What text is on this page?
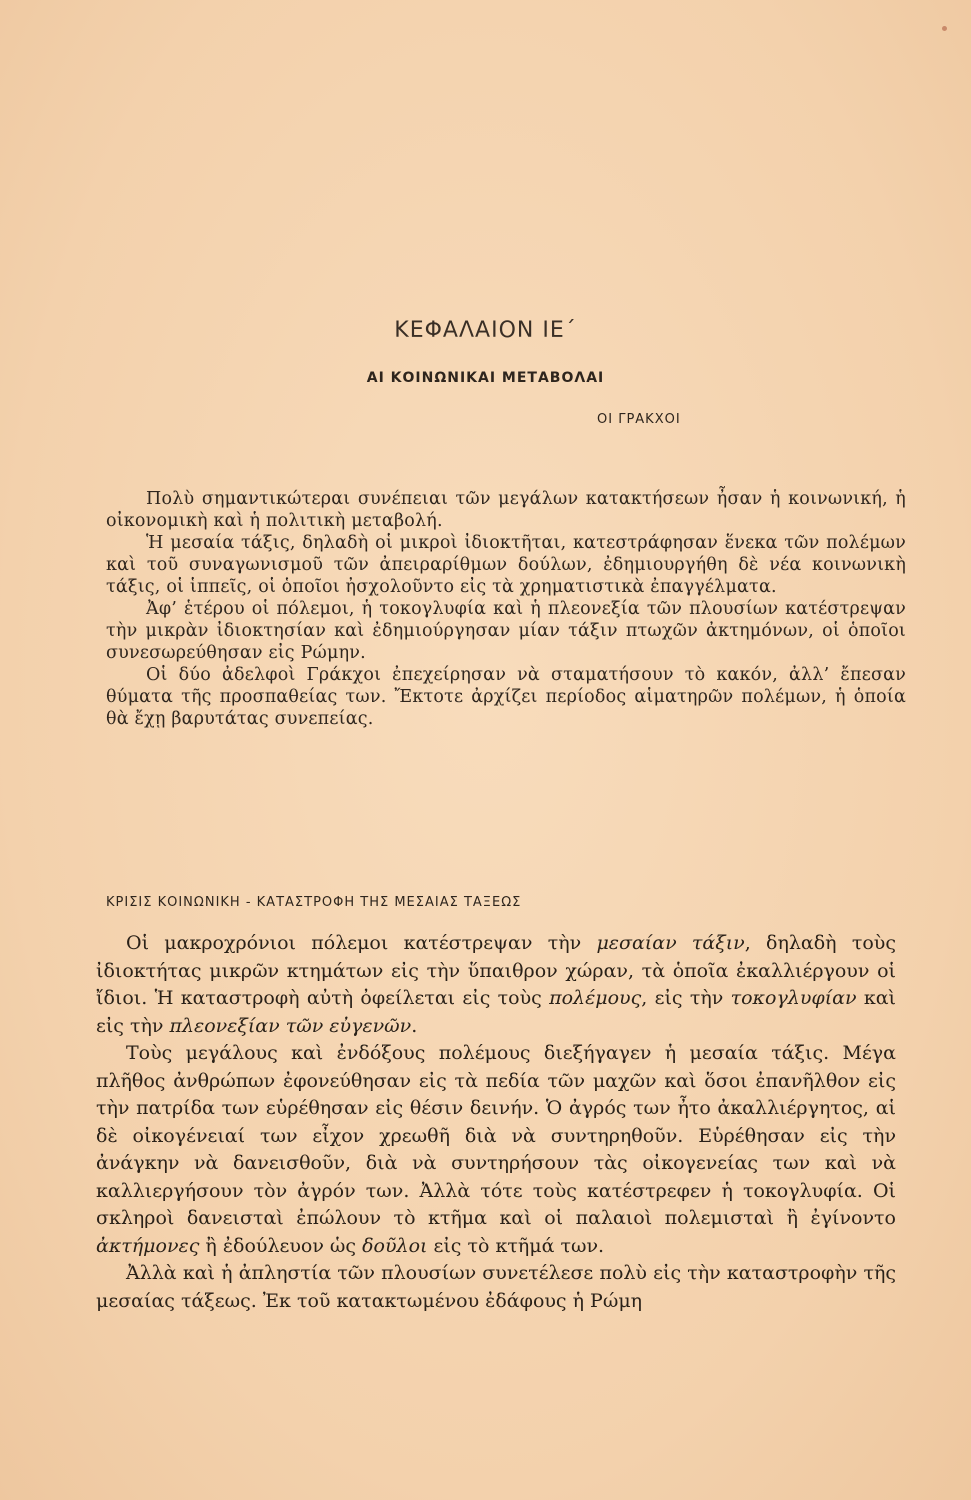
ΚΕΦΑΛΑΙΟΝ ΙΕ΄
ΑΙ ΚΟΙΝΩΝΙΚΑΙ ΜΕΤΑΒΟΛΑΙ
ΟΙ ΓΡΑΚΧΟΙ

Πολὺ σημαντικώτεραι συνέπειαι τῶν μεγάλων κατακτήσεων ἦσαν ἡ κοινωνική, ἡ οἰκονομικὴ καὶ ἡ πολιτικὴ μεταβολή.

Ἡ μεσαία τάξις, δηλαδὴ οἱ μικροὶ ἰδιοκτῆται, κατεστράφησαν ἕνεκα τῶν πολέμων καὶ τοῦ συναγωνισμοῦ τῶν ἀπειραρίθμων δούλων, ἐδημιουργήθη δὲ νέα κοινωνικὴ τάξις, οἱ ἱππεῖς, οἱ ὁποῖοι ἠσχολοῦντο εἰς τὰ χρηματιστικὰ ἐπαγγέλματα.

Ἀφ’ ἑτέρου οἱ πόλεμοι, ἡ τοκογλυφία καὶ ἡ πλεονεξία τῶν πλουσίων κατέστρεψαν τὴν μικρὰν ἰδιοκτησίαν καὶ ἐδημιούργησαν μίαν τάξιν πτωχῶν ἀκτημόνων, οἱ ὁποῖοι συνεσωρεύθησαν εἰς Ρώμην.

Οἱ δύο ἀδελφοὶ Γράκχοι ἐπεχείρησαν νὰ σταματήσουν τὸ κακόν, ἀλλ’ ἔπεσαν θύματα τῆς προσπαθείας των. Ἔκτοτε ἀρχίζει περίοδος αἱματηρῶν πολέμων, ἡ ὁποία θὰ ἔχῃ βαρυτάτας συνεπείας.

ΚΡΙΣΙΣ ΚΟΙΝΩΝΙΚΗ - ΚΑΤΑΣΤΡΟΦΗ ΤΗΣ ΜΕΣΑΙΑΣ ΤΑΞΕΩΣ

Οἱ μακροχρόνιοι πόλεμοι κατέστρεψαν τὴν μεσαίαν τάξιν, δηλαδὴ τοὺς ἰδιοκτήτας μικρῶν κτημάτων εἰς τὴν ὕπαιθρον χώραν, τὰ ὁποῖα ἐκαλλιέργουν οἱ ἴδιοι. Ἡ καταστροφὴ αὐτὴ ὀφείλεται εἰς τοὺς πολέμους, εἰς τὴν τοκογλυφίαν καὶ εἰς τὴν πλεονεξίαν τῶν εὐγενῶν.

Τοὺς μεγάλους καὶ ἐνδόξους πολέμους διεξήγαγεν ἡ μεσαία τάξις. Μέγα πλῆθος ἀνθρώπων ἐφονεύθησαν εἰς τὰ πεδία τῶν μαχῶν καὶ ὅσοι ἐπανῆλθον εἰς τὴν πατρίδα των εὑρέθησαν εἰς θέσιν δεινήν. Ὁ ἀγρός των ἦτο ἀκαλλιέργητος, αἱ δὲ οἰκογένειαί των εἶχον χρεωθῆ διὰ νὰ συντηρηθοῦν. Εὑρέθησαν εἰς τὴν ἀνάγκην νὰ δανεισθοῦν, διὰ νὰ συντηρήσουν τὰς οἰκογενείας των καὶ νὰ καλλιεργήσουν τὸν ἀγρόν των. Ἀλλὰ τότε τοὺς κατέστρεφεν ἡ τοκογλυφία. Οἱ σκληροὶ δανεισταὶ ἐπώλουν τὸ κτῆμα καὶ οἱ παλαιοὶ πολεμισταὶ ἢ ἐγίνοντο ἀκτήμονες ἢ ἐδούλευον ὡς δοῦλοι εἰς τὸ κτῆμά των.

Ἀλλὰ καὶ ἡ ἀπληστία τῶν πλουσίων συνετέλεσε πολὺ εἰς τὴν καταστροφὴν τῆς μεσαίας τάξεως. Ἐκ τοῦ κατακτωμένου ἐδάφους ἡ Ρώμη
